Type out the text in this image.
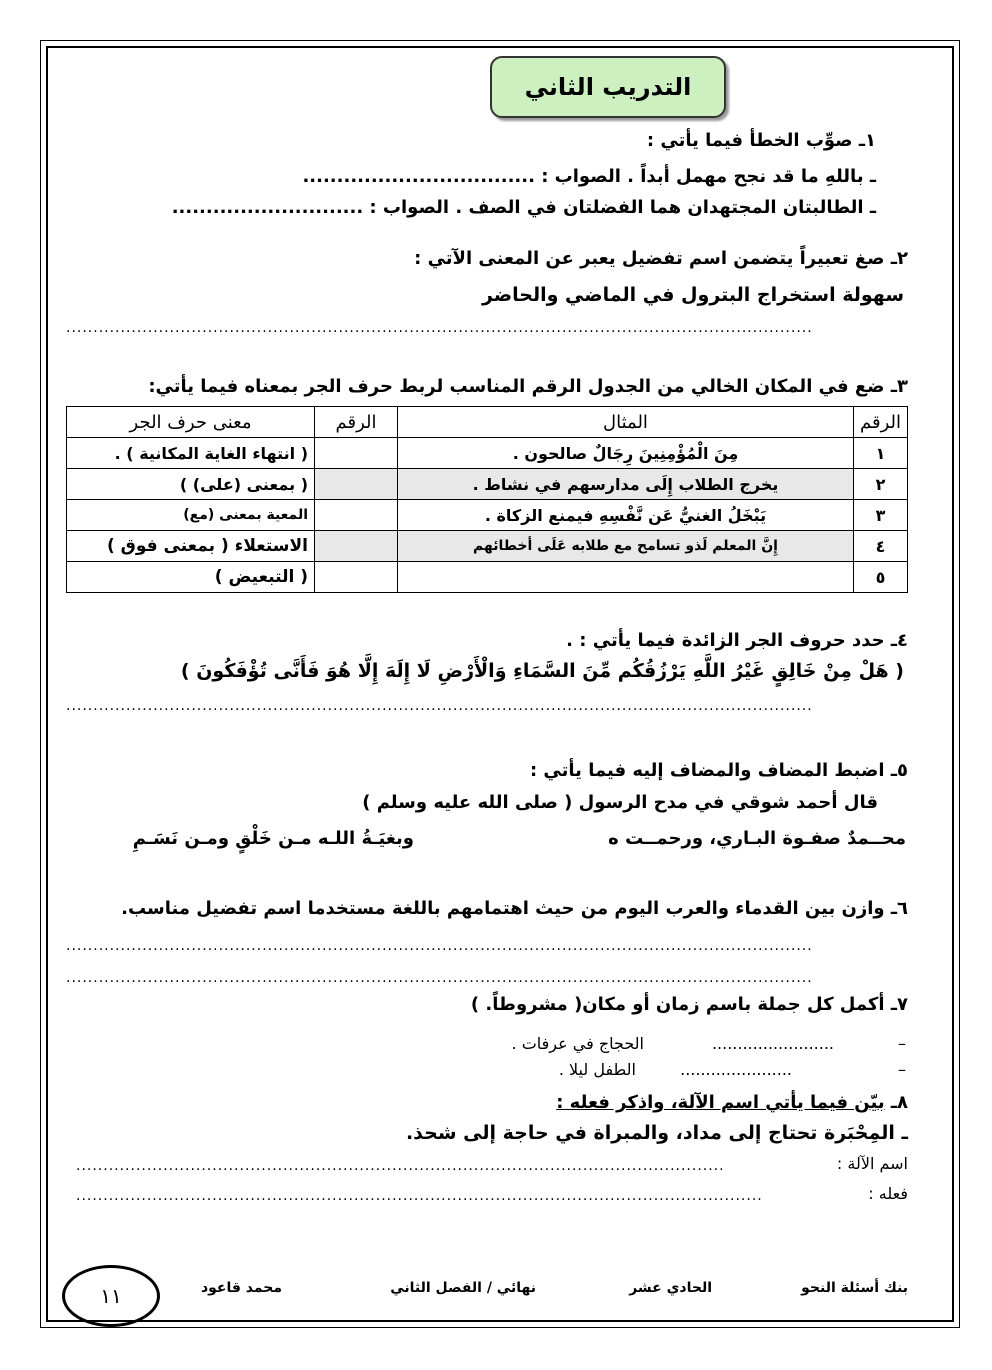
التدريب الثاني
١ـ صوِّب الخطأ فيما يأتي :
ـ باللهِ ما قد نجح مهمل أبداً . الصواب : ..................................
ـ الطالبتان المجتهدان هما الفضلتان في الصف . الصواب : ............................
٢ـ صغ تعبيراً يتضمن اسم تفضيل يعبر عن المعنى الآتي :
سهولة استخراج البترول في الماضي والحاضر
.........................................................................................................................................
٣ـ ضع في المكان الخالي من الجدول الرقم المناسب لربط حرف الجر بمعناه فيما يأتي:
الرقم	المثال	الرقم	معنى حرف الجر
١	مِنَ الْمُؤْمِنِينَ رِجَالٌ صالحون .		( انتهاء الغاية المكانية ) .
٢	يخرج الطلاب إِلَى مدارسهم في نشاط .		( بمعنى (على) )
٣	يَبْخَلُ الغنيُّ عَن نَّفْسِهِ فيمنع الزكاة .		المعية بمعنى (مع)
٤	إِنَّ المعلم لَذو تسامح مع طلابه عَلَى أخطائهم		الاستعلاء ( بمعنى فوق )
٥			( التبعيض )
٤ـ حدد حروف الجر الزائدة فيما يأتي : .
( هَلْ مِنْ خَالِقٍ غَيْرُ اللَّهِ يَرْزُقُكُم مِّنَ السَّمَاءِ وَالْأَرْضِ لَا إِلَهَ إِلَّا هُوَ فَأَنَّى تُؤْفَكُونَ )
.........................................................................................................................................
٥ـ اضبط المضاف والمضاف إليه فيما يأتي :
قال أحمد شوقي في مدح الرسول ( صلى الله عليه وسلم )
محــمدٌ صفـوة البـاري، ورحمــت ه
وبغيَـةُ اللـه مـن خَلْقٍ ومـن نَسَـمِ
٦ـ وازن بين القدماء والعرب اليوم من حيث اهتمامهم باللغة مستخدما اسم تفضيل مناسب.
.........................................................................................................................................
.........................................................................................................................................
٧ـ أكمل كل جملة باسم زمان أو مكان( مشروطاً. )
–
الحجاج في عرفات .	........................
–
الطفل ليلا .	......................
٨ـ بيّن فيما يأتي اسم الآلة، واذكر فعله :
ـ المِحْبَرة تحتاج إلى مداد، والمبراة في حاجة إلى شحذ.
اسم الآلة :
.......................................................................................................................
فعله :
..............................................................................................................................
بنك أسئلة النحو
الحادي عشر
نهائي / الفصل الثاني
محمد قاعود
١١
